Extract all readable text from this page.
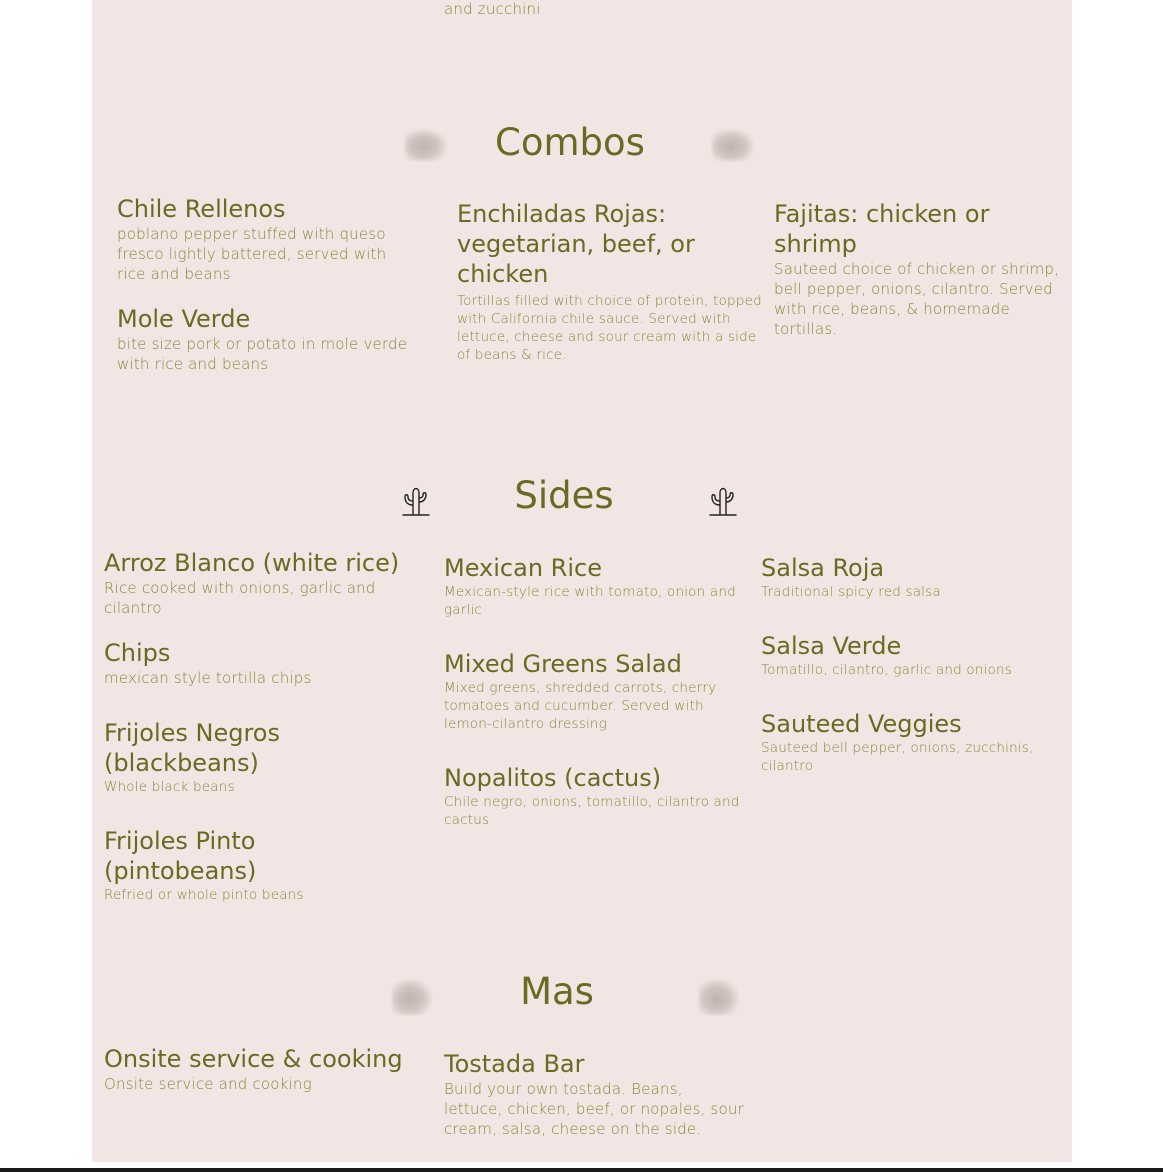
and zucchini
Combos
Chile Rellenos
poblano pepper stuffed with queso fresco lightly battered, served with rice and beans
Mole Verde
bite size pork or potato in mole verde with rice and beans
Enchiladas Rojas: vegetarian, beef, or chicken
Tortillas filled with choice of protein, topped with California chile sauce. Served with lettuce, cheese and sour cream with a side of beans & rice.
Fajitas: chicken or shrimp
Sauteed choice of chicken or shrimp, bell pepper, onions, cilantro. Served with rice, beans, & homemade tortillas.
Sides
Arroz Blanco (white rice)
Rice cooked with onions, garlic and cilantro
Chips
mexican style tortilla chips
Frijoles Negros (blackbeans)
Whole black beans
Frijoles Pinto (pintobeans)
Refried or whole pinto beans
Mexican Rice
Mexican-style rice with tomato, onion and garlic
Mixed Greens Salad
Mixed greens, shredded carrots, cherry tomatoes and cucumber. Served with lemon-cilantro dressing
Nopalitos (cactus)
Chile negro, onions, tomatillo, cilantro and cactus
Salsa Roja
Traditional spicy red salsa
Salsa Verde
Tomatillo, cilantro, garlic and onions
Sauteed Veggies
Sauteed bell pepper, onions, zucchinis, cilantro
Mas
Onsite service & cooking
Onsite service and cooking
Tostada Bar
Build your own tostada. Beans, lettuce, chicken, beef, or nopales, sour cream, salsa, cheese on the side.
